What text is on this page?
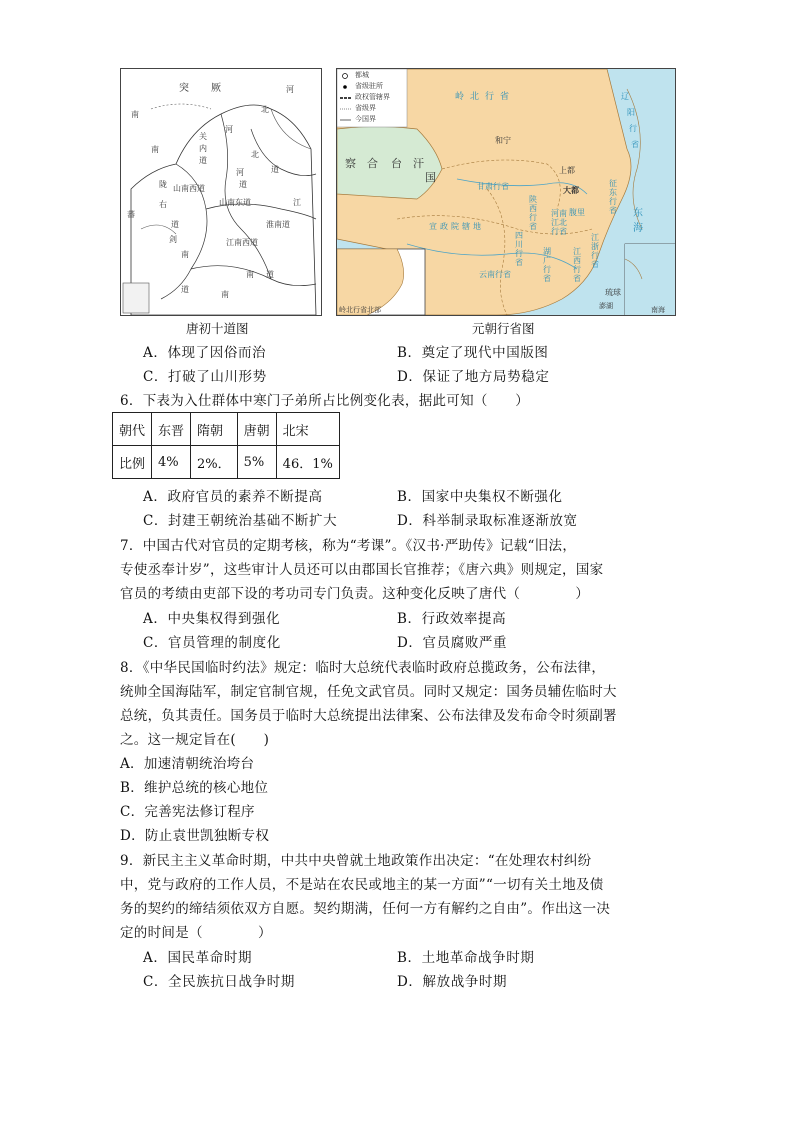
突 厥
北
河
关
内
道
河
北
道
南
南
陇
道
右
河
道
山南西道
山南东道
淮南道
江
剑
南
江南西道
南 道
南
道
蕃
唐初十道图
都城
省级驻所
政权管辖界
省级界
今国界
岭北行省	辽
阳
行
省
和宁
察 合 台 汗
国
上都
大都
甘肃行省
陕西行省
腹里
宣政院辖地
四川行省
河南江北行省
湖广行省
江西行省
江浙行省
云南行省
征东行省
岭北行省北部
琉球
澎湖
东
海
南海
元朝行省图
A．体现了因俗而治	B．奠定了现代中国版图
C．打破了山川形势	D．保证了地方局势稳定
6．下表为入仕群体中寒门子弟所占比例变化表，据此可知（　　）
朝代	东晋	隋朝	唐朝	北宋
比例	4%	2%．	5%	46．1%
A．政府官员的素养不断提高	B．国家中央集权不断强化
C．封建王朝统治基础不断扩大	D．科举制录取标准逐渐放宽
7．中国古代对官员的定期考核，称为“考课”。《汉书·严助传》记载“旧法，
专使丞奉计岁”，这些审计人员还可以由郡国长官推荐；《唐六典》则规定，国家
官员的考绩由吏部下设的考功司专门负责。这种变化反映了唐代（　　　　）
A．中央集权得到强化	B．行政效率提高
C．官员管理的制度化	D．官员腐败严重
8．《中华民国临时约法》规定：临时大总统代表临时政府总揽政务，公布法律，
统帅全国海陆军，制定官制官规，任免文武官员。同时又规定：国务员辅佐临时大
总统，负其责任。国务员于临时大总统提出法律案、公布法律及发布命令时须副署
之。这一规定旨在(　　)
A．加速清朝统治垮台
B．维护总统的核心地位
C．完善宪法修订程序
D．防止袁世凯独断专权
9．新民主主义革命时期，中共中央曾就土地政策作出决定：“在处理农村纠纷
中，党与政府的工作人员，不是站在农民或地主的某一方面”“一切有关土地及债
务的契约的缔结须依双方自愿。契约期满，任何一方有解约之自由”。作出这一决
定的时间是（　　　　）
A．国民革命时期	B．土地革命战争时期
C．全民族抗日战争时期	D．解放战争时期
